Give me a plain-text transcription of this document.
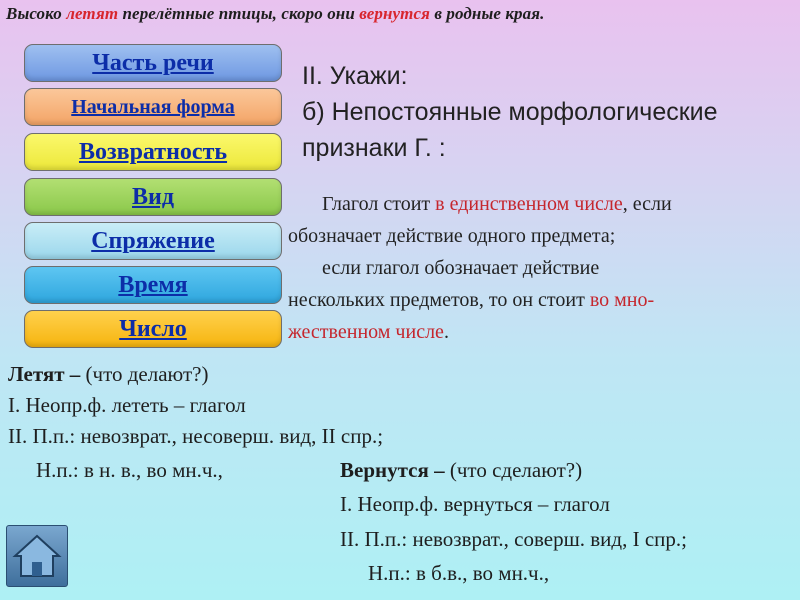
Высоко летят перелётные птицы, скоро они вернутся в родные края.
Часть речи
Начальная форма
Возвратность
Вид
Спряжение
Время
Число
II. Укажи:
б) Непостоянные морфологические
признаки Г. :
Глагол стоит в единственном числе, если
обозначает действие одного предмета;
если глагол обозначает действие
нескольких предметов, то он стоит во мно-
жественном числе.
Летят – (что делают?)
I. Неопр.ф. лететь – глагол
II. П.п.: невозврат., несоверш. вид, II спр.;
Н.п.: в н. в., во мн.ч.,	Вернутся – (что сделают?)
I. Неопр.ф. вернуться – глагол
II. П.п.: невозврат., соверш. вид, I спр.;
Н.п.: в б.в., во мн.ч.,
